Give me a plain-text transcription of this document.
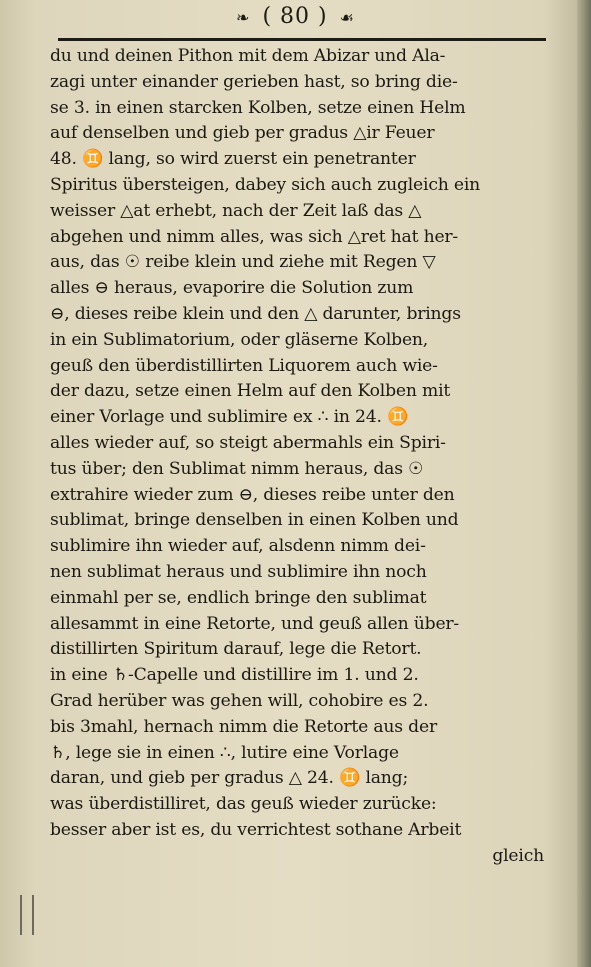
❧ ( 80 ) ☙
du und deinen Pithon mit dem Abizar und Ala-
zagi unter einander gerieben hast, so bring die-
se 3. in einen starcken Kolben, setze einen Helm
auf denselben und gieb per gradus △ir Feuer
48. ♊ lang, so wird zuerst ein penetranter
Spiritus übersteigen, dabey sich auch zugleich ein
weisser △at erhebt, nach der Zeit laß das △
abgehen und nimm alles, was sich △ret hat her-
aus, das ☉ reibe klein und ziehe mit Regen ▽
alles ⊖ heraus, evaporire die Solution zum
⊖, dieses reibe klein und den △ darunter, brings
in ein Sublimatorium, oder gläserne Kolben,
geuß den überdistillirten Liquorem auch wie-
der dazu, setze einen Helm auf den Kolben mit
einer Vorlage und sublimire ex ∴ in 24. ♊
alles wieder auf, so steigt abermahls ein Spiri-
tus über; den Sublimat nimm heraus, das ☉
extrahire wieder zum ⊖, dieses reibe unter den
sublimat, bringe denselben in einen Kolben und
sublimire ihn wieder auf, alsdenn nimm dei-
nen sublimat heraus und sublimire ihn noch
einmahl per se, endlich bringe den sublimat
allesammt in eine Retorte, und geuß allen über-
distillirten Spiritum darauf, lege die Retort.
in eine ♄-Capelle und distillire im 1. und 2.
Grad herüber was gehen will, cohobire es 2.
bis 3mahl, hernach nimm die Retorte aus der
♄, lege sie in einen ∴, lutire eine Vorlage
daran, und gieb per gradus △ 24. ♊ lang;
was überdistilliret, das geuß wieder zurücke:
besser aber ist es, du verrichtest sothane Arbeit
gleich
